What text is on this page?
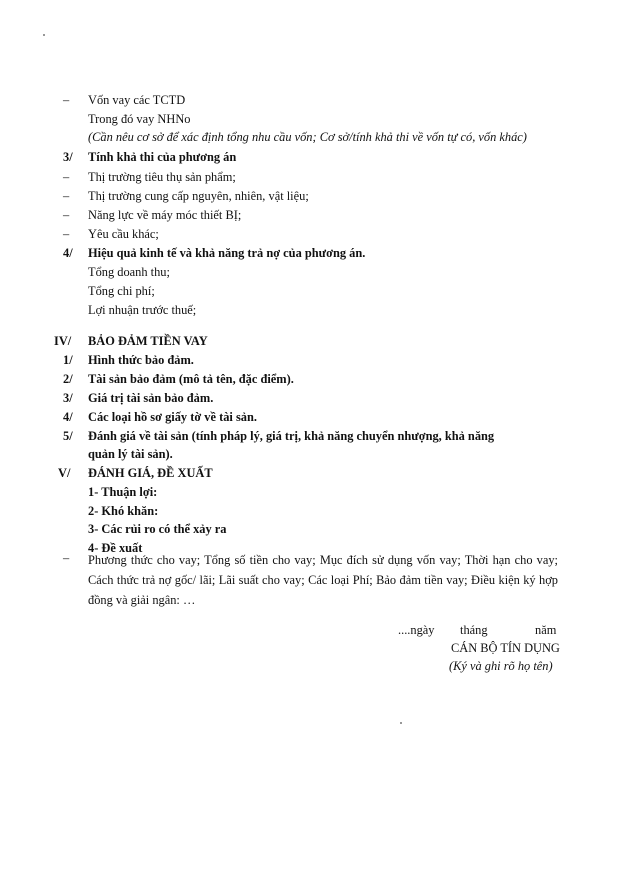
– Vốn vay các TCTD
Trong đó vay NHNo
(Cần nêu cơ sở để xác định tổng nhu cầu vốn; Cơ sở/tính khả thi về vốn tự có, vốn khác)
3/ Tính khả thi của phương án
– Thị trường tiêu thụ sản phẩm;
– Thị trường cung cấp nguyên, nhiên, vật liệu;
– Năng lực về máy móc thiết BỊ;
– Yêu cầu khác;
4/ Hiệu quả kinh tế và khả năng trả nợ của phương án.
Tổng doanh thu;
Tổng chi phí;
Lợi nhuận trước thuế;
IV/ BẢO ĐẢM TIỀN VAY
1/ Hình thức bảo đảm.
2/ Tài sản bảo đảm (mô tả tên, đặc điểm).
3/ Giá trị tài sản bảo đảm.
4/ Các loại hồ sơ giấy tờ về tài sản.
5/ Đánh giá về tài sản (tính pháp lý, giá trị, khả năng chuyển nhượng, khả năng
quản lý tài sản).
V/ ĐÁNH GIÁ, ĐỀ XUẤT
1- Thuận lợi:
2- Khó khăn:
3- Các rủi ro có thể xảy ra
4- Đề xuất
– Phương thức cho vay; Tổng số tiền cho vay; Mục đích sử dụng vốn vay; Thời hạn cho vay; Cách thức trả nợ gốc/ lãi; Lãi suất cho vay; Các loại Phí; Bảo đảm tiền vay; Điều kiện ký hợp đồng và giải ngân: …
....ngày tháng	năm
CÁN BỘ TÍN DỤNG
(Ký và ghi rõ họ tên)
